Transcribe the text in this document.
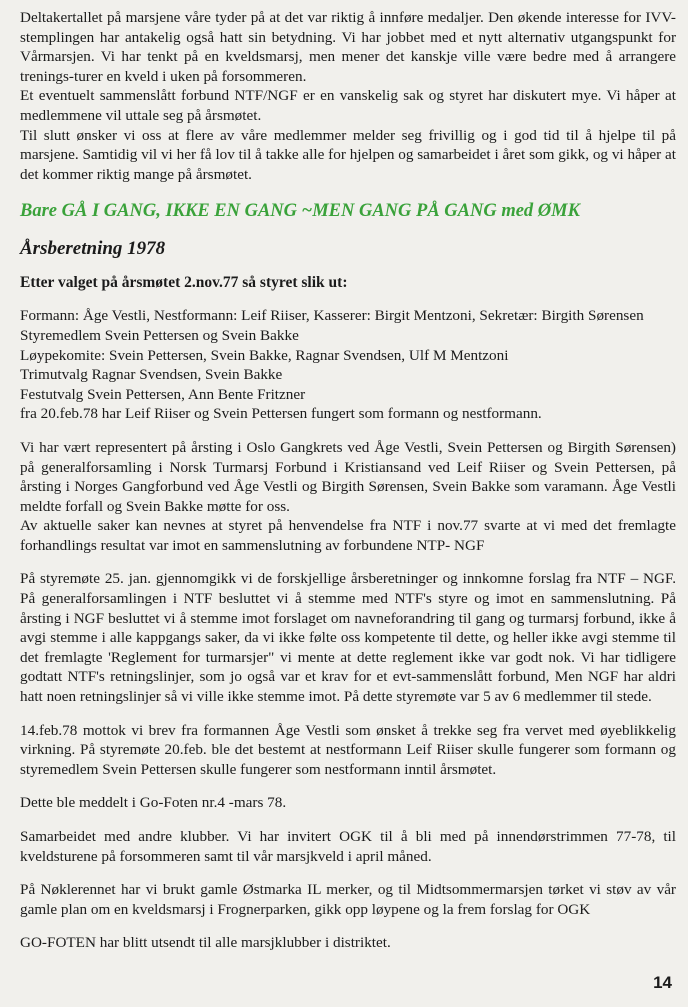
Deltakertallet på marsjene våre tyder på at det var riktig å innføre medaljer. Den økende interesse for IVV-stemplingen har antakelig også hatt sin betydning. Vi har jobbet med et nytt alternativ utgangspunkt for Vårmarsjen. Vi har tenkt på en kveldsmarsj, men mener det kanskje ville være bedre med å arrangere trenings-turer en kveld i uken på forsommeren.

Et eventuelt sammenslått forbund NTF/NGF er en vanskelig sak og styret har diskutert mye. Vi håper at medlemmene vil uttale seg på årsmøtet.

Til slutt ønsker vi oss at flere av våre medlemmer melder seg frivillig og i god tid til å hjelpe til på marsjene. Samtidig vil vi her få lov til å takke alle for hjelpen og samarbeidet i året som gikk, og vi håper at det kommer riktig mange på årsmøtet.

Bare GÅ I GANG, IKKE EN GANG ~MEN GANG PÅ GANG med ØMK
Årsberetning 1978
Etter valget på årsmøtet 2.nov.77 så styret slik ut:
Formann: Åge Vestli, Nestformann: Leif Riiser, Kasserer: Birgit Mentzoni, Sekretær: Birgith Sørensen
Styremedlem Svein Pettersen og Svein Bakke
Løypekomite: Svein Pettersen, Svein Bakke, Ragnar Svendsen, Ulf M Mentzoni
Trimutvalg Ragnar Svendsen, Svein Bakke
Festutvalg Svein Pettersen, Ann Bente Fritzner
fra 20.feb.78 har Leif Riiser og Svein Pettersen fungert som formann og nestformann.

Vi har vært representert på årsting i Oslo Gangkrets ved Åge Vestli, Svein Pettersen og Birgith Sørensen) på generalforsamling i Norsk Turmarsj Forbund i Kristiansand ved Leif Riiser og Svein Pettersen, på årsting i Norges Gangforbund ved Åge Vestli og Birgith Sørensen, Svein Bakke som varamann. Åge Vestli meldte forfall og Svein Bakke møtte for oss.

Av aktuelle saker kan nevnes at styret på henvendelse fra NTF i nov.77 svarte at vi med det fremlagte forhandlings resultat var imot en sammenslutning av forbundene NTP- NGF

På styremøte 25. jan. gjennomgikk vi de forskjellige årsberetninger og innkomne forslag fra NTF – NGF. På generalforsamlingen i NTF besluttet vi å stemme med NTF's styre og imot en sammenslutning. På årsting i NGF besluttet vi å stemme imot forslaget om navneforandring til gang og turmarsj forbund, ikke å avgi stemme i alle kappgangs saker, da vi ikke følte oss kompetente til dette, og heller ikke avgi stemme til det fremlagte 'Reglement for turmarsjer" vi mente at dette reglement ikke var godt nok. Vi har tidligere godtatt NTF's retningslinjer, som jo også var et krav for et evt-sammenslått forbund, Men NGF har aldri hatt noen retningslinjer så vi ville ikke stemme imot. På dette styremøte var 5 av 6 medlemmer til stede.

14.feb.78 mottok vi brev fra formannen Åge Vestli som ønsket å trekke seg fra vervet med øyeblikkelig virkning. På styremøte 20.feb. ble det bestemt at nestformann Leif Riiser skulle fungerer som formann og styremedlem Svein Pettersen skulle fungerer som nestformann inntil årsmøtet.

Dette ble meddelt i Go-Foten nr.4 -mars 78.

Samarbeidet med andre klubber. Vi har invitert OGK til å bli med på innendørstrimmen 77-78, til kveldsturene på forsommeren samt til vår marsjkveld i april måned.

På Nøklerennet har vi brukt gamle Østmarka IL merker, og til Midtsommermarsjen tørket vi støv av vår gamle plan om en kveldsmarsj i Frognerparken, gikk opp løypene og la frem forslag for OGK

GO-FOTEN har blitt utsendt til alle marsjklubber i distriktet.

14
